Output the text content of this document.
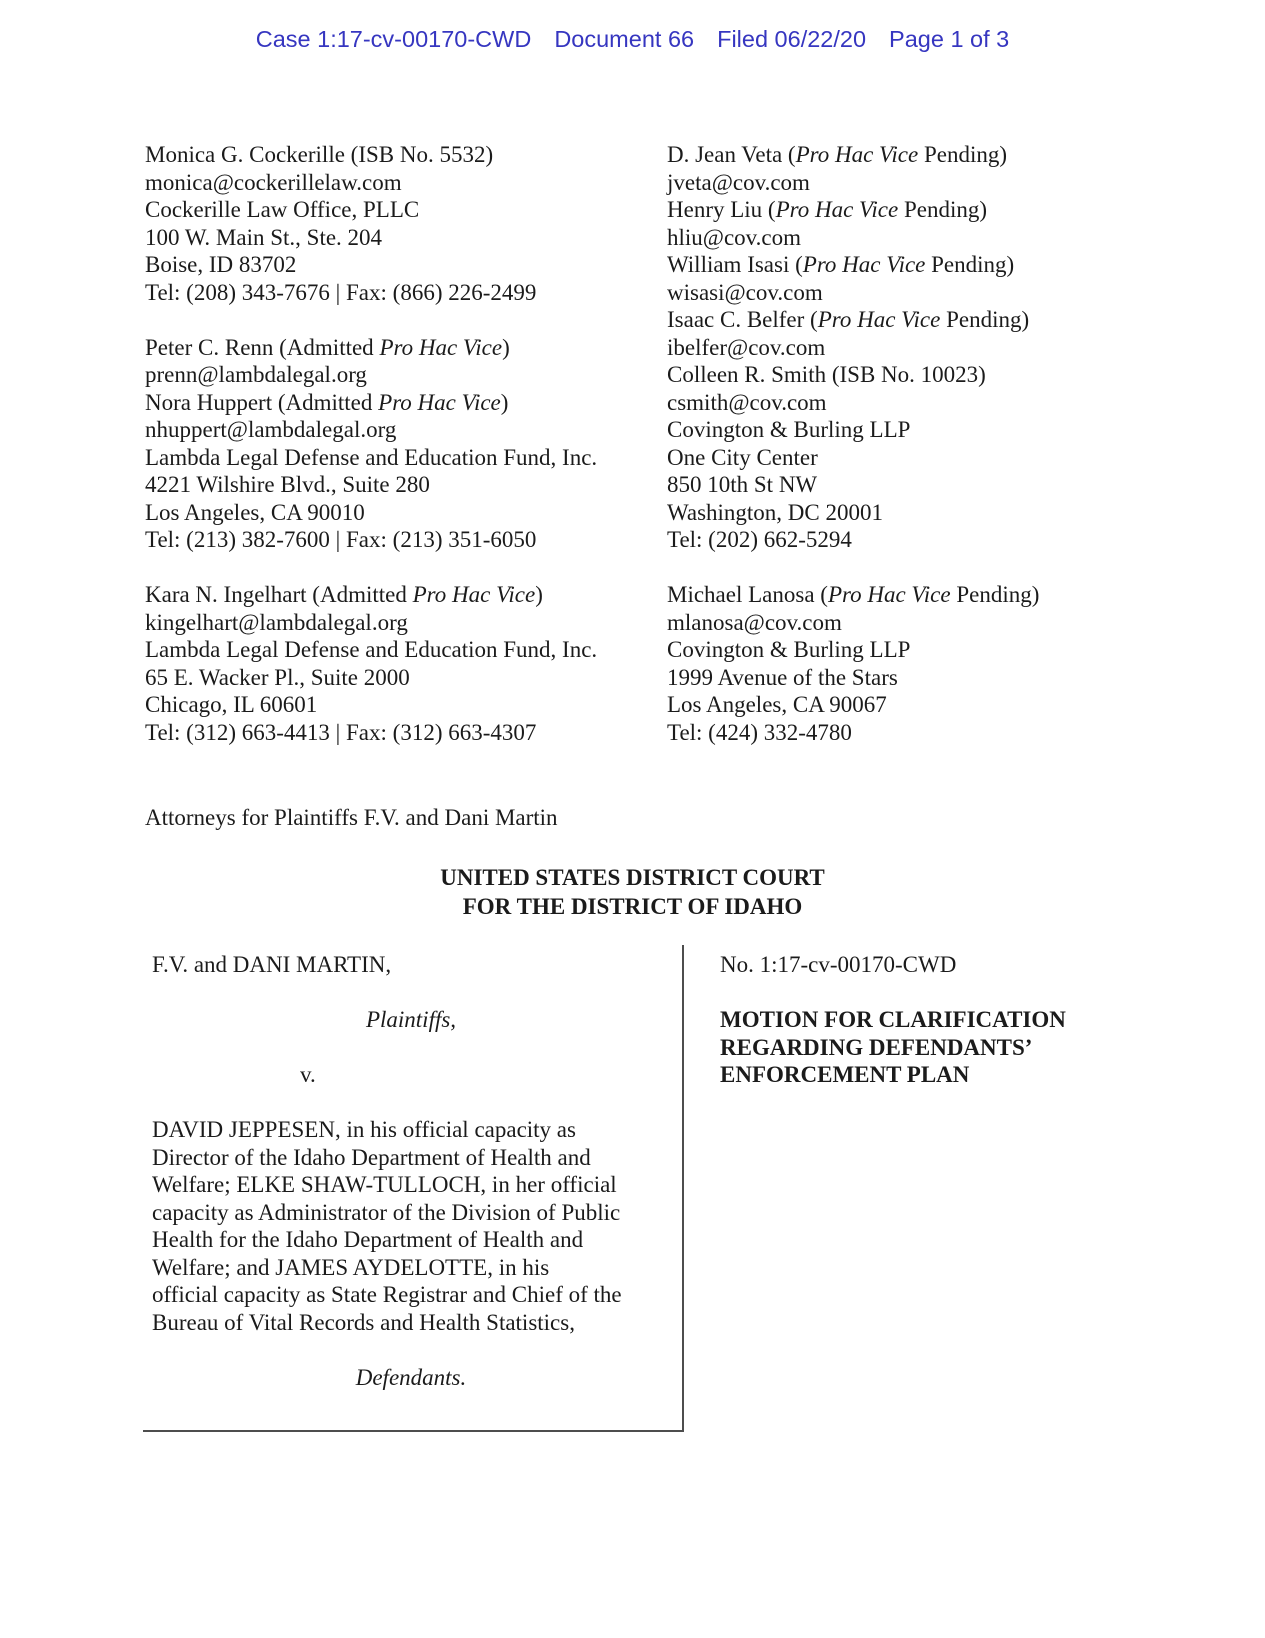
Case 1:17-cv-00170-CWD Document 66 Filed 06/22/20 Page 1 of 3
Monica G. Cockerille (ISB No. 5532)
monica@cockerillelaw.com
Cockerille Law Office, PLLC
100 W. Main St., Ste. 204
Boise, ID 83702
Tel: (208) 343-7676 | Fax: (866) 226-2499
Peter C. Renn (Admitted Pro Hac Vice)
prenn@lambdalegal.org
Nora Huppert (Admitted Pro Hac Vice)
nhuppert@lambdalegal.org
Lambda Legal Defense and Education Fund, Inc.
4221 Wilshire Blvd., Suite 280
Los Angeles, CA 90010
Tel: (213) 382-7600 | Fax: (213) 351-6050
Kara N. Ingelhart (Admitted Pro Hac Vice)
kingelhart@lambdalegal.org
Lambda Legal Defense and Education Fund, Inc.
65 E. Wacker Pl., Suite 2000
Chicago, IL 60601
Tel: (312) 663-4413 | Fax: (312) 663-4307
D. Jean Veta (Pro Hac Vice Pending)
jveta@cov.com
Henry Liu (Pro Hac Vice Pending)
hliu@cov.com
William Isasi (Pro Hac Vice Pending)
wisasi@cov.com
Isaac C. Belfer (Pro Hac Vice Pending)
ibelfer@cov.com
Colleen R. Smith (ISB No. 10023)
csmith@cov.com
Covington & Burling LLP
One City Center
850 10th St NW
Washington, DC 20001
Tel: (202) 662-5294
Michael Lanosa (Pro Hac Vice Pending)
mlanosa@cov.com
Covington & Burling LLP
1999 Avenue of the Stars
Los Angeles, CA 90067
Tel: (424) 332-4780
Attorneys for Plaintiffs F.V. and Dani Martin
UNITED STATES DISTRICT COURT
FOR THE DISTRICT OF IDAHO
F.V. and DANI MARTIN,
Plaintiffs,
v.
DAVID JEPPESEN, in his official capacity as
Director of the Idaho Department of Health and
Welfare; ELKE SHAW-TULLOCH, in her official
capacity as Administrator of the Division of Public
Health for the Idaho Department of Health and
Welfare; and JAMES AYDELOTTE, in his
official capacity as State Registrar and Chief of the
Bureau of Vital Records and Health Statistics,
Defendants.
No. 1:17-cv-00170-CWD
MOTION FOR CLARIFICATION
REGARDING DEFENDANTS’
ENFORCEMENT PLAN
